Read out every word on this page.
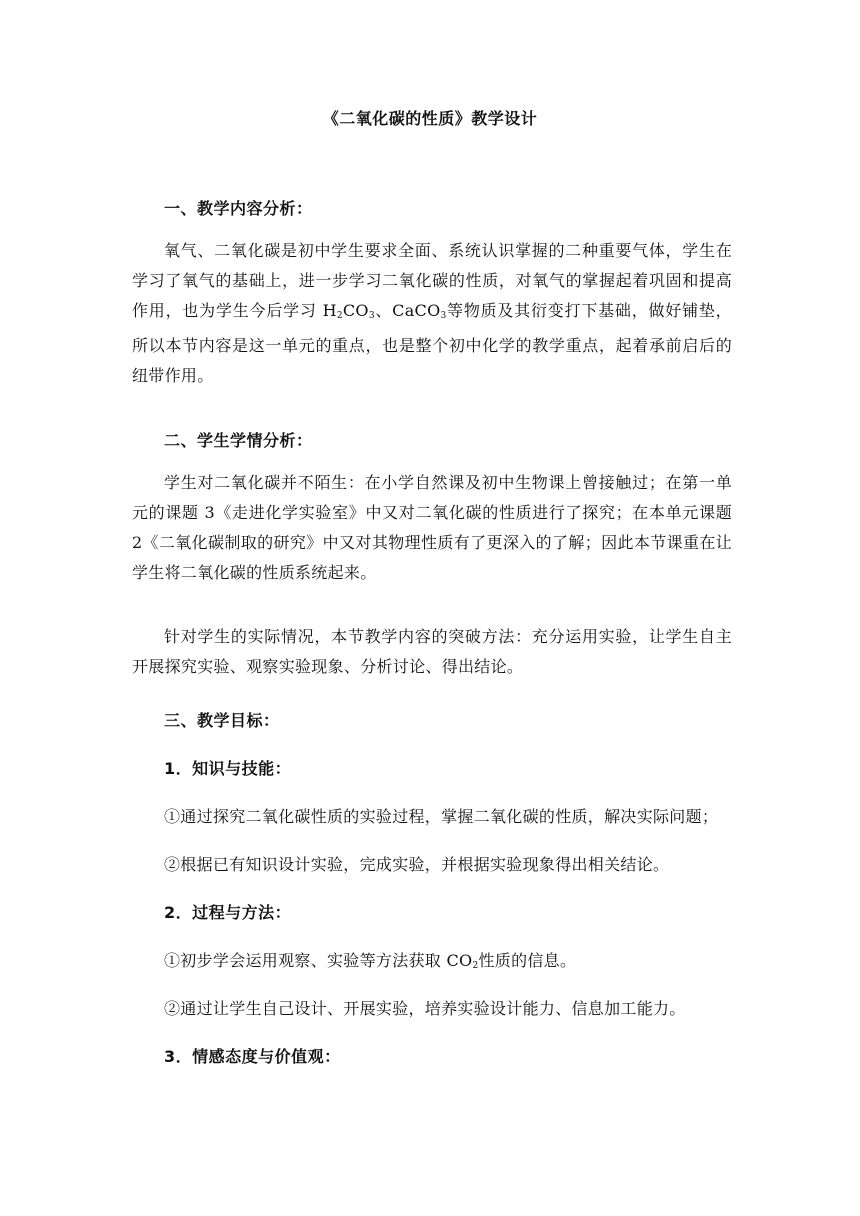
《二氧化碳的性质》教学设计
一、教学内容分析：
氧气、二氧化碳是初中学生要求全面、系统认识掌握的二种重要气体，学生在学习了氧气的基础上，进一步学习二氧化碳的性质，对氧气的掌握起着巩固和提高作用，也为学生今后学习 $H_2CO_3$、CaCO$_3$等物质及其衍变打下基础，做好铺垫，所以本节内容是这一单元的重点，也是整个初中化学的教学重点，起着承前启后的纽带作用。
二、学生学情分析：
学生对二氧化碳并不陌生：在小学自然课及初中生物课上曾接触过；在第一单元的课题 3《走进化学实验室》中又对二氧化碳的性质进行了探究；在本单元课题 2《二氧化碳制取的研究》中又对其物理性质有了更深入的了解；因此本节课重在让学生将二氧化碳的性质系统起来。
针对学生的实际情况，本节教学内容的突破方法：充分运用实验，让学生自主开展探究实验、观察实验现象、分析讨论、得出结论。
三、教学目标：
1．知识与技能：
①通过探究二氧化碳性质的实验过程，掌握二氧化碳的性质，解决实际问题；
②根据已有知识设计实验，完成实验，并根据实验现象得出相关结论。
2．过程与方法：
①初步学会运用观察、实验等方法获取 $CO_2$性质的信息。
②通过让学生自己设计、开展实验，培养实验设计能力、信息加工能力。
3．情感态度与价值观：
